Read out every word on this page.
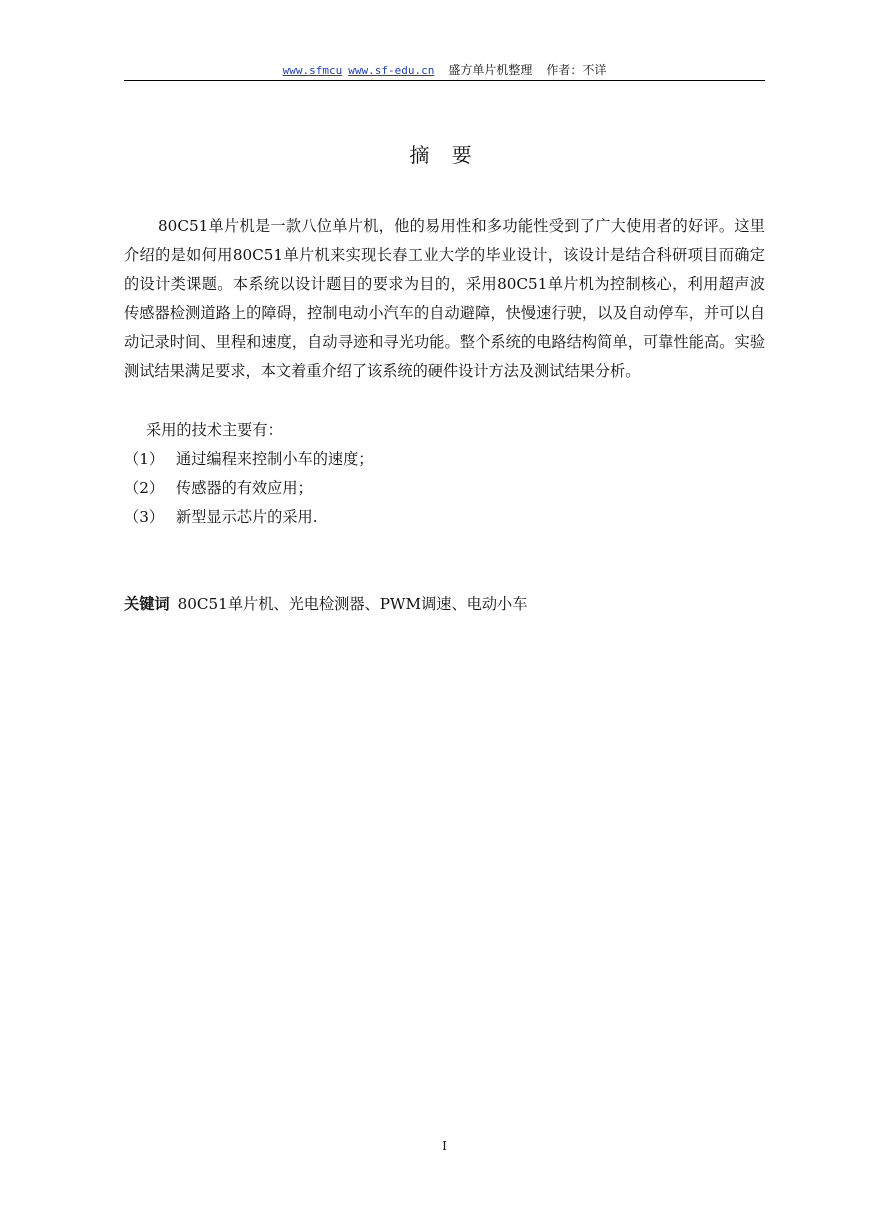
www.sfmcu www.sf-edu.cn 盛方单片机整理 作者：不详
摘 要

80C51单片机是一款八位单片机，他的易用性和多功能性受到了广大使用者的好评。这里介绍的是如何用80C51单片机来实现长春工业大学的毕业设计，该设计是结合科研项目而确定的设计类课题。本系统以设计题目的要求为目的，采用80C51单片机为控制核心，利用超声波传感器检测道路上的障碍，控制电动小汽车的自动避障，快慢速行驶，以及自动停车，并可以自动记录时间、里程和速度，自动寻迹和寻光功能。整个系统的电路结构简单，可靠性能高。实验测试结果满足要求，本文着重介绍了该系统的硬件设计方法及测试结果分析。

采用的技术主要有：
（1） 通过编程来控制小车的速度；
（2） 传感器的有效应用；
（3） 新型显示芯片的采用.
关键词 80C51单片机、光电检测器、PWM调速、电动小车
I
